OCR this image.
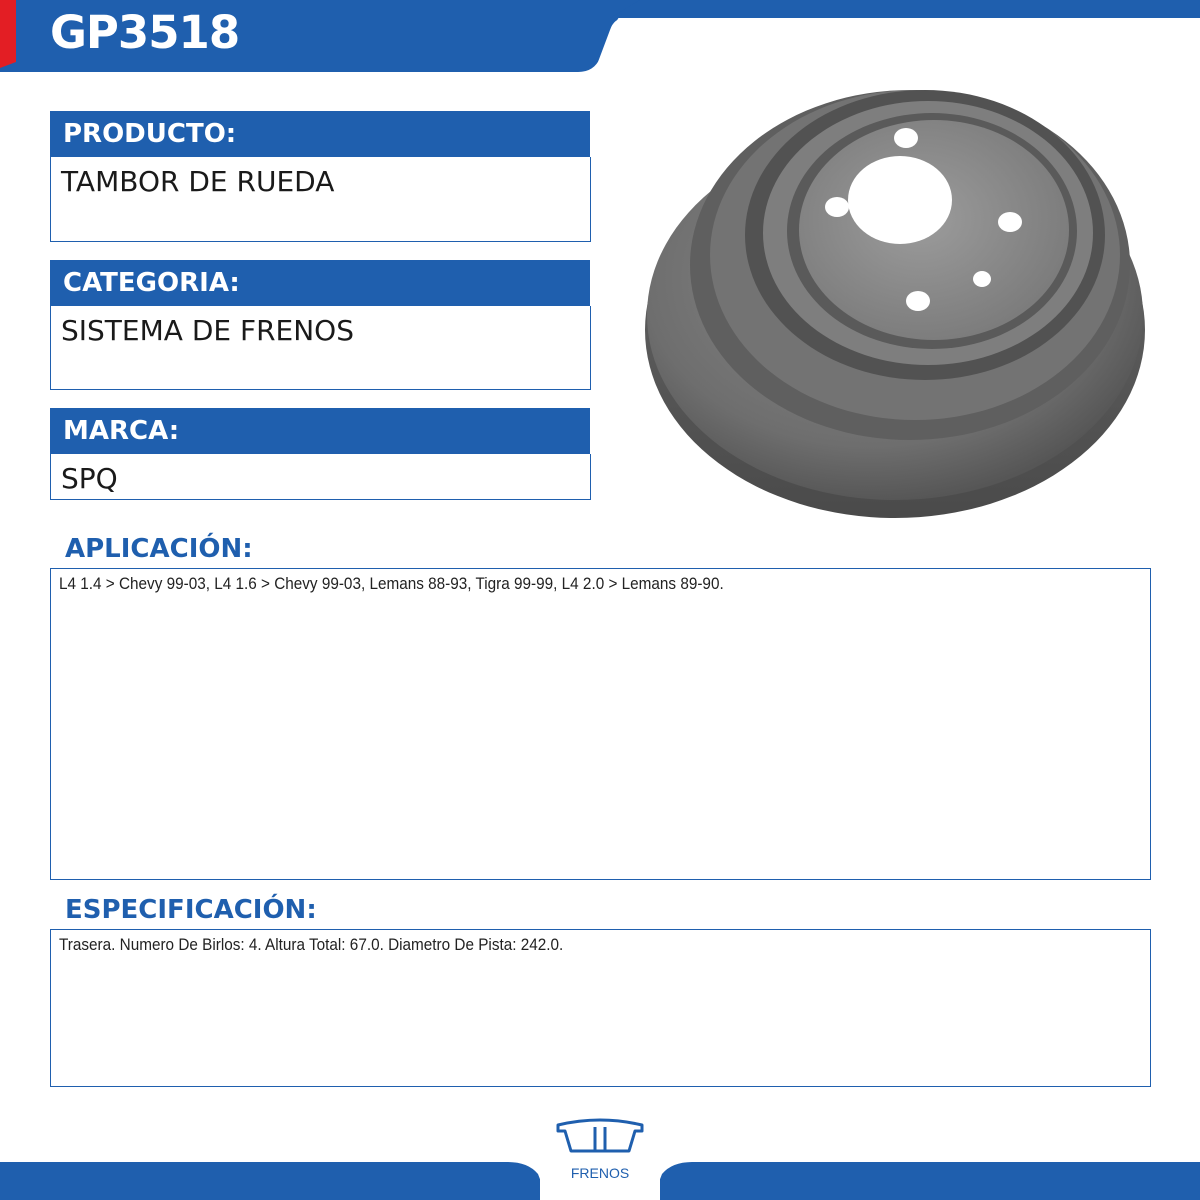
GP3518
PRODUCTO:
TAMBOR DE RUEDA
CATEGORIA:
SISTEMA DE FRENOS
MARCA:
SPQ
APLICACIÓN:
L4 1.4 > Chevy 99-03, L4 1.6 > Chevy 99-03, Lemans 88-93, Tigra 99-99, L4 2.0 > Lemans 89-90.
ESPECIFICACIÓN:
Trasera. Numero De Birlos: 4. Altura Total: 67.0. Diametro De Pista: 242.0.
FRENOS
